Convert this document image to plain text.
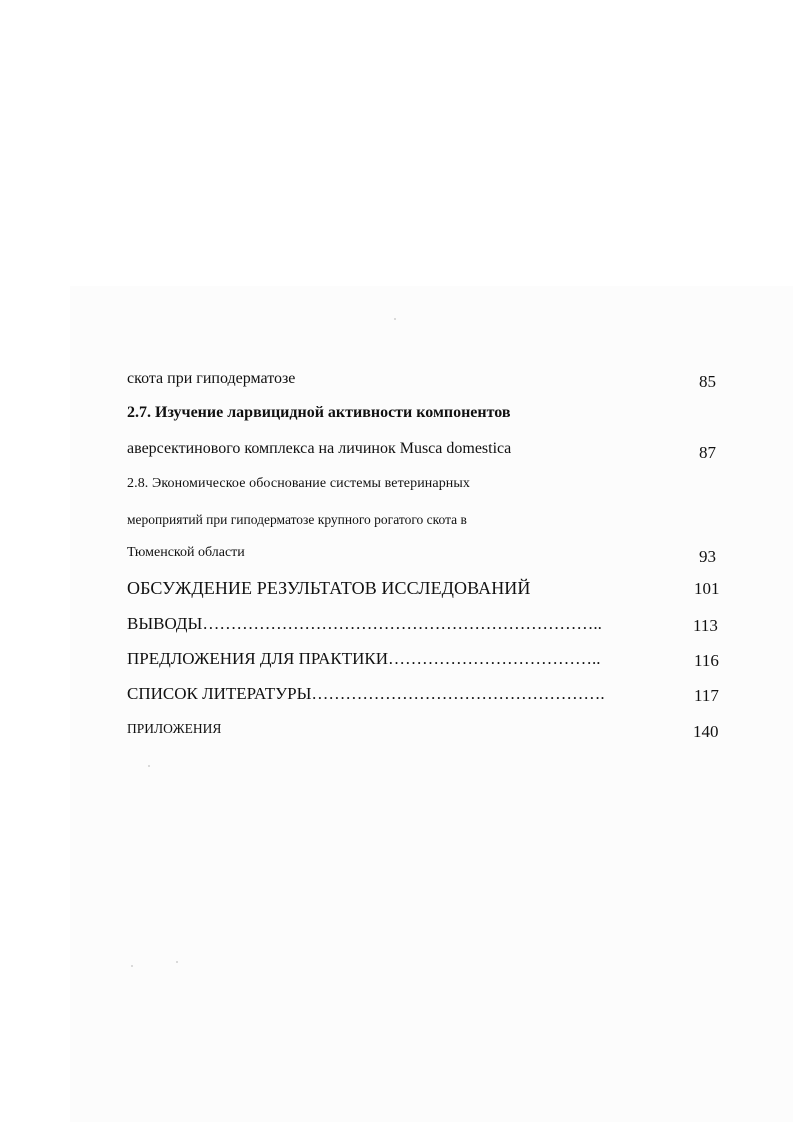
скота при гиподерматозе	85
2.7. Изучение ларвицидной активности компонентов
аверсектинового комплекса на личинок Musca domestica	87
2.8. Экономическое обоснование системы ветеринарных
мероприятий при гиподерматозе крупного рогатого скота в
Тюменской области	93
ОБСУЖДЕНИЕ РЕЗУЛЬТАТОВ ИССЛЕДОВАНИЙ	101
ВЫВОДЫ……………………………………………………………..	113
ПРЕДЛОЖЕНИЯ ДЛЯ ПРАКТИКИ………………………………..	116
СПИСОК ЛИТЕРАТУРЫ…………………………………………….	117
ПРИЛОЖЕНИЯ	140
